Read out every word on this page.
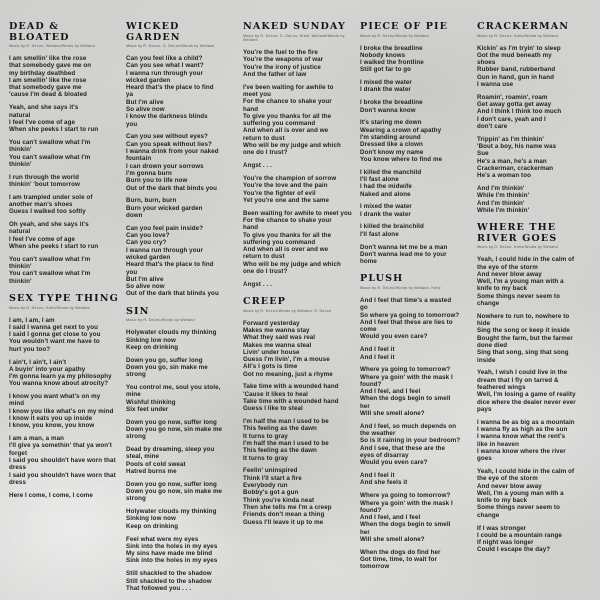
DEAD & BLOATED

Music by R. DeLeo, Weiland/Words by Weiland

I am smellin' like the rose
that somebody gave me on
my birthday deathbed
I am smellin' like the rose
that somebody gave me
'cause I'm dead & bloated
Yeah, and she says it's
natural
I feel I've come of age
When she peeks I start to run
You can't swallow what I'm
thinkin'
You can't swallow what I'm
thinkin'
I run through the world
thinkin' 'bout tomorrow
I am trampled under sole of
another man's shoes
Guess I walked too softly
Oh yeah, and she says it's
natural
I feel I've come of age
When she peeks I start to run
You can't swallow what I'm
thinkin'
You can't swallow what I'm
thinkin'
SEX TYPE THING

Music by D. DeLeo, Kretz/Words by Weiland

I am, I am, I am
I said I wanna get next to you
I said I gonna get close to you
You wouldn't want me have to
hurt you too?
I ain't, I ain't, I ain't
A buyin' into your apathy
I'm gonna learn ya my philosophy
You wanna know about atrocity?
I know you want what's on my
mind
I know you like what's on my mind
I know it eats you up inside
I know, you know, you know
I am a man, a man
I'll give ya somethin' that ya won't
forget
I said you shouldn't have worn that
dress
I said you shouldn't have worn that
dress
Here I come, I come, I come
WICKED GARDEN

Music by R. DeLeo, D. DeLeo/Words by Weiland

Can you feel like a child?
Can you see what I want?
I wanna run through your
wicked garden
Heard that's the place to find
ya
But I'm alive
So alive now
I know the darkness blinds
you
Can you see without eyes?
Can you speak without lies?
I wanna drink from your naked
fountain
I can drown your sorrows
I'm gonna burn
Burn you to life now
Out of the dark that binds you
Burn, burn, burn
Burn your wicked garden
down
Can you feel pain inside?
Can you love?
Can you cry?
I wanna run through your
wicked garden
Heard that's the place to find
you
But I'm alive
So alive now
Out of the dark that blinds you
SIN

Music by R. DeLeo/Words by Weiland

Holywater clouds my thinking
Sinking low now
Keep on drinking
Down you go, suffer long
Down you go, sin make me
strong
You control me, soul you stole,
mine
Wishful thinking
Six feet under
Down you go now, suffer long
Down you go now, sin make me
strong
Dead by dreaming, sleep you
steal, mine
Pools of cold sweat
Hatred burns me
Down you go now, suffer long
Down you go now, sin make me
strong
Holywater clouds my thinking
Sinking low now
Keep on drinking
Feel what were my eyes
Sink into the holes in my eyes
My sins have made me blind
Sink into the holes in my eyes
Still shackled to the shadow
Still shackled to the shadow
That followed you . . .
NAKED SUNDAY

Music by R. DeLeo, D. DeLeo, Kretz, Weiland/Words by Weiland

You're the fuel to the fire
You're the weapons of war
You're the irony of justice
And the father of law
I've been waiting for awhile to
meet you
For the chance to shake your
hand
To give you thanks for all the
suffering you command
And when all is over and we
return to dust
Who will be my judge and which
one do I trust?
Angst . . .
You're the champion of sorrow
You're the love and the pain
You're the fighter of evil
Yet you're one and the same
Been waiting for awhile to meet you
For the chance to shake your
hand
To give you thanks for all the
suffering you command
And when all is over and we
return to dust
Who will be my judge and which
one do I trust?
Angst . . .
CREEP

Music by R. DeLeo/Words by Weiland, R. DeLeo

Forward yesterday
Makes me wanna stay
What they said was real
Makes me wanna steal
Livin' under house
Guess I'm livin', I'm a mouse
All's I gots is time
Got no meaning, just a rhyme
Take time with a wounded hand
'Cause it likes to heal
Take time with a wounded hand
Guess I like to steal
I'm half the man I used to be
This feeling as the dawn
It turns to gray
I'm half the man I used to be
This feeling as the dawn
It turns to gray
Feelin' uninspired
Think I'll start a fire
Everybody run
Bobby's got a gun
Think you're kinda neat
Then she tells me I'm a creep
Friends don't mean a thing
Guess I'll leave it up to me
PIECE OF PIE

Music by R. DeLeo/Words by Weiland

I broke the breadline
Nobody knows
I walked the frontline
Still got far to go
I mixed the water
I drank the water
I broke the breadline
Don't wanna know
It's staring me down
Wearing a crown of apathy
I'm standing around
Dressed like a clown
Don't know my name
You know where to find me
I killed the manchild
I'll fast alone
I had the midwife
Naked and alone
I mixed the water
I drank the water
I killed the brainchild
I'll fast alone
Don't wanna let me be a man
Don't wanna lead me to your
home
PLUSH

Music by R. DeLeo/Words by Weiland, Kretz

And I feel that time's a wasted
go
So where ya going to tomorrow?
And I feel that these are lies to
come
Would you even care?
And I feel it
And I feel it
Where ya going to tomorrow?
Where ya goin' with the mask I
found?
And I feel, and I feel
When the dogs begin to smell
her
Will she smell alone?
And I feel, so much depends on
the weather
So is it raining in your bedroom?
And I see, that these are the
eyes of disarray
Would you even care?
And I feel it
And she feels it
Where ya going to tomorrow?
Where ya goin' with the mask I
found?
And I feel, and I feel
When the dogs begin to smell
her
Will she smell alone?
When the dogs do find her
Got time, time, to wait for
tomorrow
CRACKERMAN

Music by R. DeLeo, Kretz/Words by Weiland

Kickin' as I'm tryin' to sleep
Got the mud beneath my
shoes
Rubber band, rubberband
Gun in hand, gun in hand
I wanna use
Roamin', roamin', roam
Get away gotta get away
And I think I think too much
I don't care, yeah and I
don't care
Trippin' as I'm thinkin'
'Bout a boy, his name was
Sue
He's a man, he's a man
Crackerman, crackerman
He's a woman too
And I'm thinkin'
While I'm thinkin'
And I'm thinkin'
While I'm thinkin'
WHERE THE RIVER GOES

Music by D. DeLeo, Kretz/Words by Weiland

Yeah, I could hide in the calm of
the eye of the storm
And never blow away
Well, I'm a young man with a
knife to my back
Some things never seem to
change
Nowhere to run to, nowhere to
hide
Sing the song or keep it inside
Bought the farm, but the farmer
done died
Sing that song, sing that song
inside
Yeah, I wish I could live in the
dream that I fly on tarred &
feathered wings
Well, I'm losing a game of reality
dice where the dealer never ever
pays
I wanna be as big as a mountain
I wanna fly as high as the sun
I wanna know what the rent's
like in heaven
I wanna know where the river
goes
Yeah, I could hide in the calm of
the eye of the storm
And never blow away
Well, I'm a young man with a
knife to my back
Some things never seem to
change
If I was stronger
I could be a mountain range
If night was longer
Could I escape the day?
